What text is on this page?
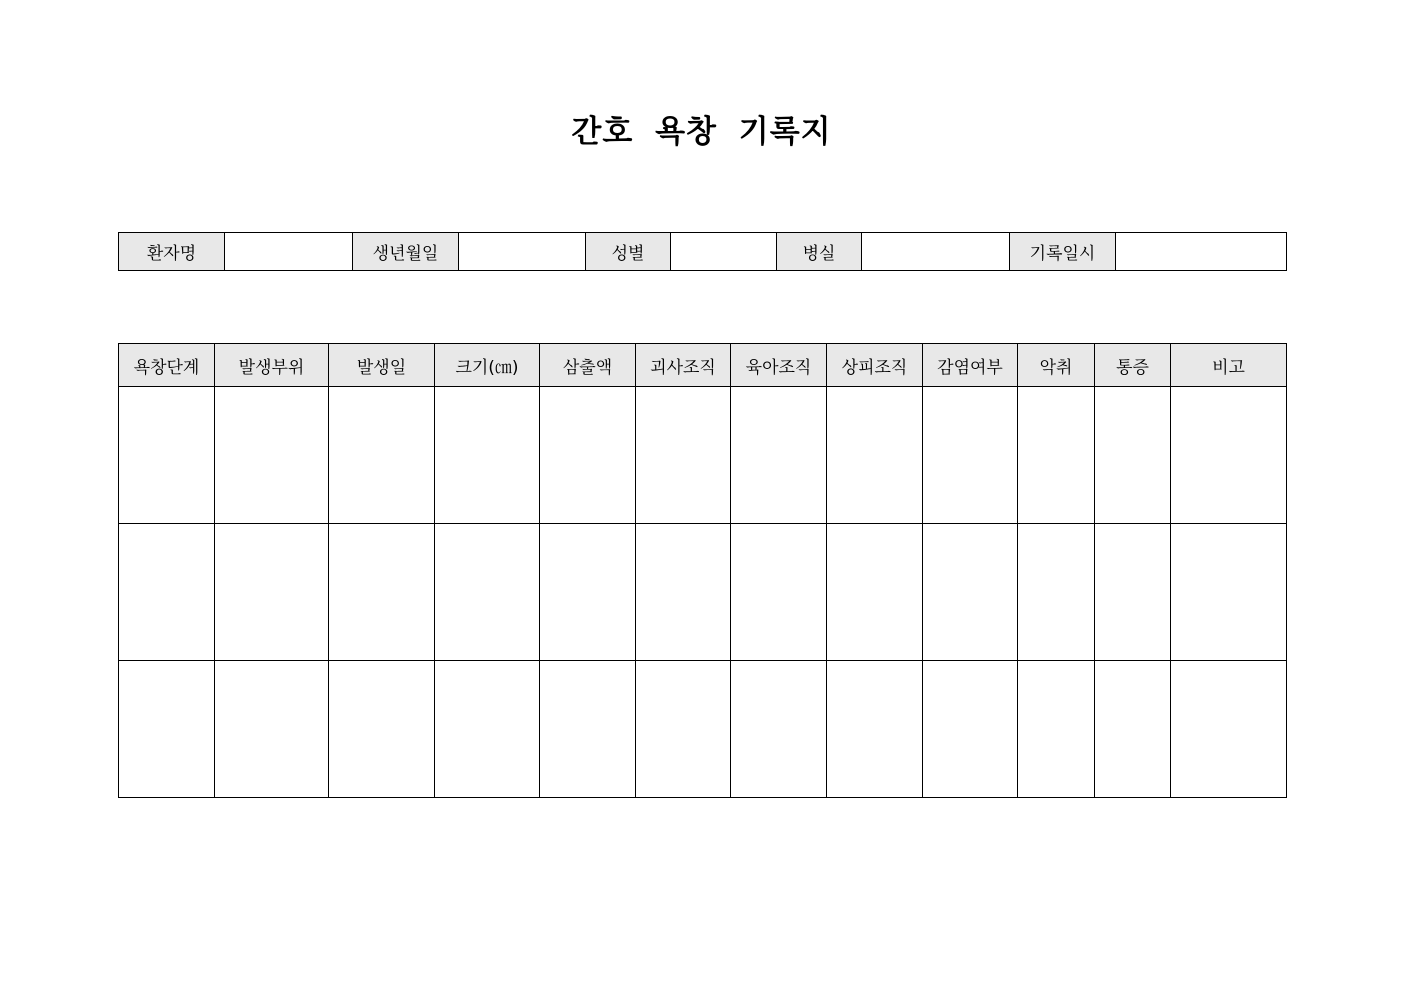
간호 욕창 기록지
환자명		생년월일		성별		병실		기록일시	
욕창단계	발생부위	발생일	크기(㎝)	삼출액	괴사조직	육아조직	상피조직	감염여부	악취	통증	비고
